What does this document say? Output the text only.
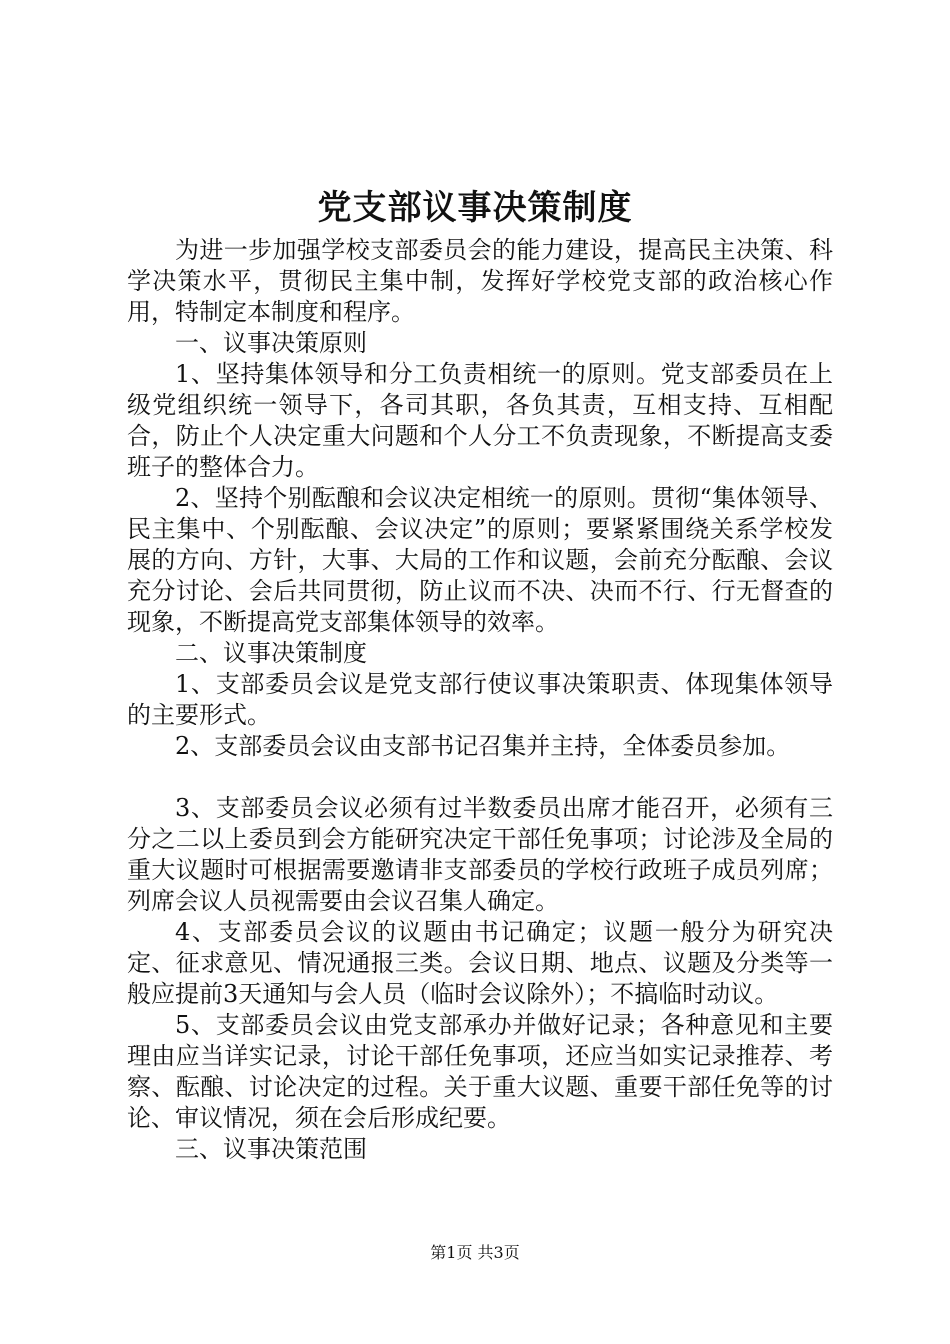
党支部议事决策制度

为进一步加强学校支部委员会的能力建设，提高民主决策、科学决策水平，贯彻民主集中制，发挥好学校党支部的政治核心作用，特制定本制度和程序。

一、议事决策原则

1、坚持集体领导和分工负责相统一的原则。党支部委员在上级党组织统一领导下，各司其职，各负其责，互相支持、互相配合，防止个人决定重大问题和个人分工不负责现象，不断提高支委班子的整体合力。

2、坚持个别酝酿和会议决定相统一的原则。贯彻“集体领导、民主集中、个别酝酿、会议决定”的原则；要紧紧围绕关系学校发展的方向、方针，大事、大局的工作和议题，会前充分酝酿、会议充分讨论、会后共同贯彻，防止议而不决、决而不行、行无督查的现象，不断提高党支部集体领导的效率。

二、议事决策制度

1、支部委员会议是党支部行使议事决策职责、体现集体领导的主要形式。

2、支部委员会议由支部书记召集并主持，全体委员参加。

3、支部委员会议必须有过半数委员出席才能召开，必须有三分之二以上委员到会方能研究决定干部任免事项；讨论涉及全局的重大议题时可根据需要邀请非支部委员的学校行政班子成员列席；列席会议人员视需要由会议召集人确定。

4、支部委员会议的议题由书记确定；议题一般分为研究决定、征求意见、情况通报三类。会议日期、地点、议题及分类等一般应提前3天通知与会人员（临时会议除外）；不搞临时动议。

5、支部委员会议由党支部承办并做好记录；各种意见和主要理由应当详实记录，讨论干部任免事项，还应当如实记录推荐、考察、酝酿、讨论决定的过程。关于重大议题、重要干部任免等的讨论、审议情况，须在会后形成纪要。

三、议事决策范围

第1页 共3页
